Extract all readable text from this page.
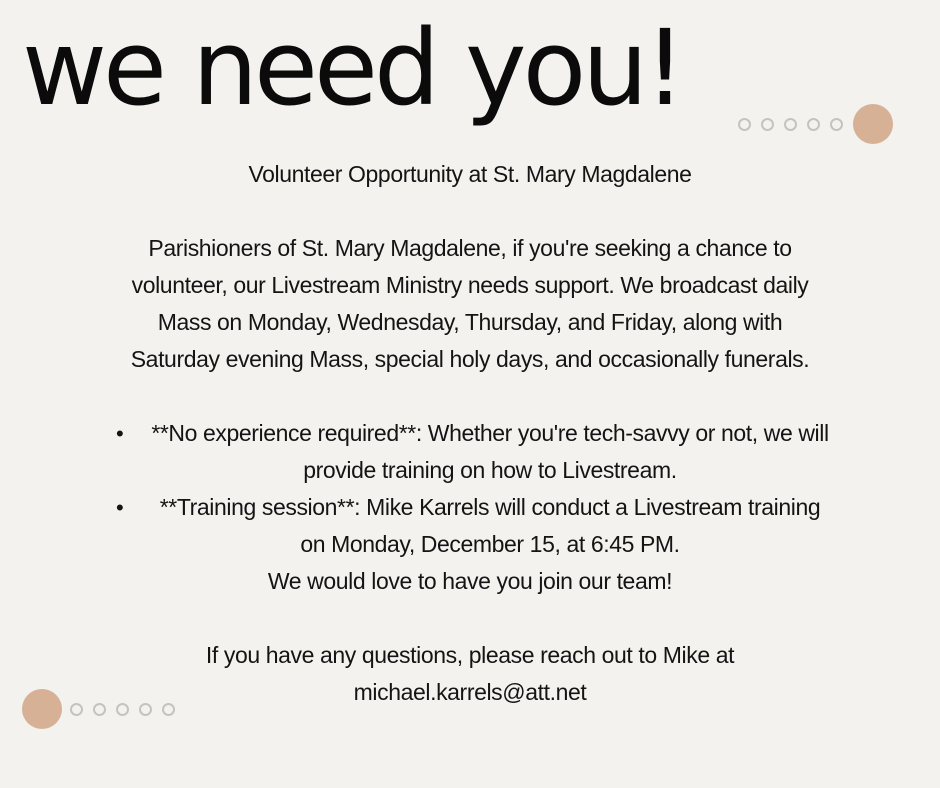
we need you!

Volunteer Opportunity at St. Mary Magdalene

Parishioners of St. Mary Magdalene, if you're seeking a chance to
volunteer, our Livestream Ministry needs support. We broadcast daily
Mass on Monday, Wednesday, Thursday, and Friday, along with
Saturday evening Mass, special holy days, and occasionally funerals.

• **No experience required**: Whether you're tech-savvy or not, we will
provide training on how to Livestream.
• **Training session**: Mike Karrels will conduct a Livestream training
on Monday, December 15, at 6:45 PM.

We would love to have you join our team!

If you have any questions, please reach out to Mike at
michael.karrels@att.net
